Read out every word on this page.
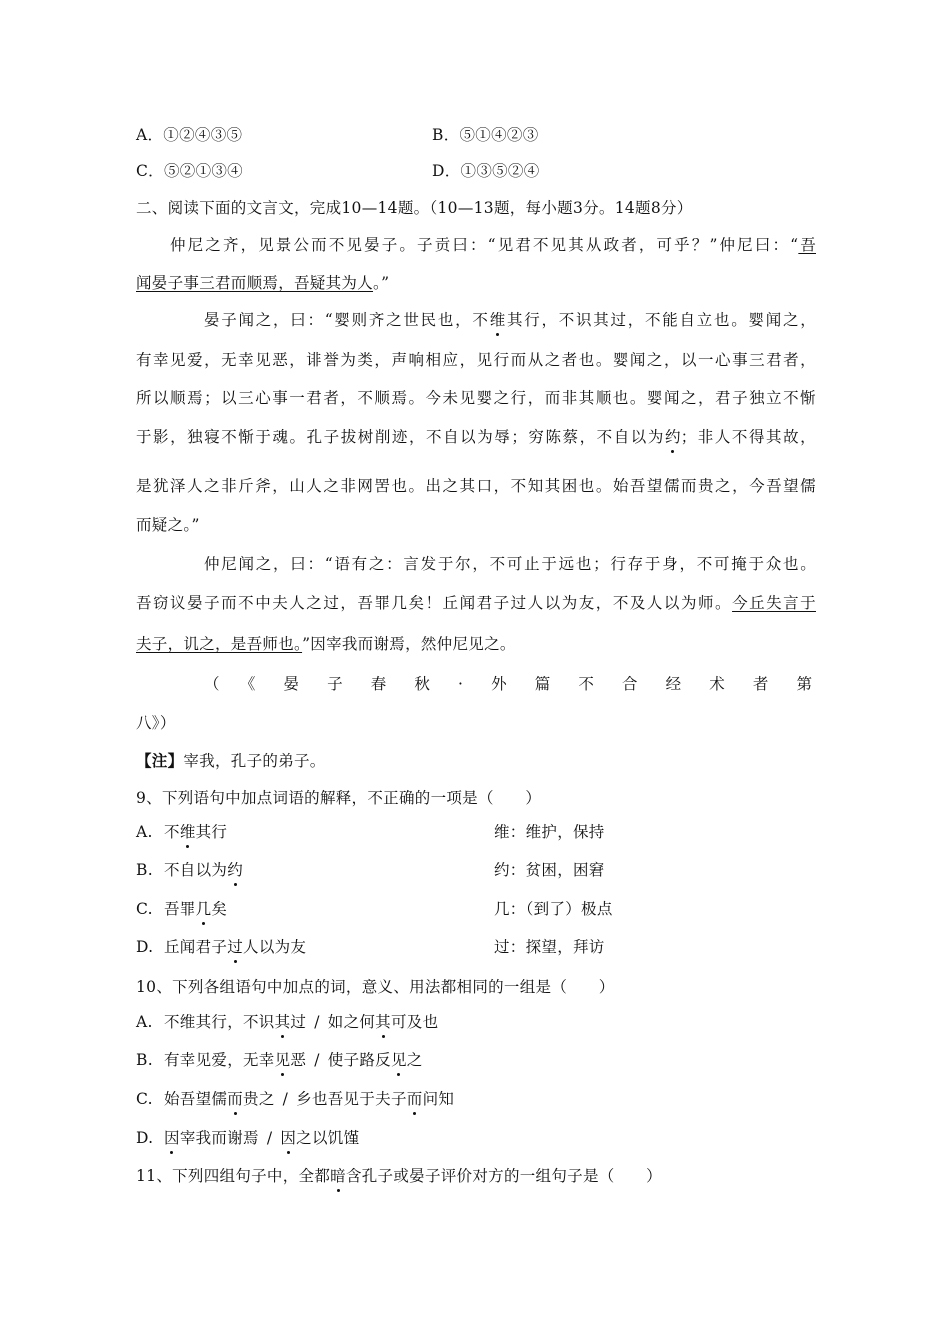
A．①②④③⑤	B．⑤①④②③
C．⑤②①③④	D．①③⑤②④
二、阅读下面的文言文，完成10—14题。（10—13题，每小题3分。14题8分）
仲尼之齐，见景公而不见晏子。子贡曰：“见君不见其从政者，可乎？”仲尼曰：“吾
闻晏子事三君而顺焉，吾疑其为人。”
晏子闻之，曰：“婴则齐之世民也，不维其行，不识其过，不能自立也。婴闻之，
有幸见爱，无幸见恶，诽誉为类，声响相应，见行而从之者也。婴闻之，以一心事三君者，
所以顺焉；以三心事一君者，不顺焉。今未见婴之行，而非其顺也。婴闻之，君子独立不惭
于影，独寝不惭于魂。孔子拔树削迹，不自以为辱；穷陈蔡，不自以为约；非人不得其故，
是犹泽人之非斤斧，山人之非网罟也。出之其口，不知其困也。始吾望儒而贵之，今吾望儒
而疑之。”
仲尼闻之，曰：“语有之：言发于尔，不可止于远也；行存于身，不可掩于众也。
吾窃议晏子而不中夫人之过，吾罪几矣！丘闻君子过人以为友，不及人以为师。今丘失言于
夫子，讥之，是吾师也。”因宰我而谢焉，然仲尼见之。
（《晏子春秋·外篇不合经术者第
八》）
【注】宰我，孔子的弟子。
9、下列语句中加点词语的解释，不正确的一项是（　　）
A. 不维其行	维：维护，保持
B. 不自以为约	约：贫困，困窘
C. 吾罪几矣	几：（到了）极点
D. 丘闻君子过人以为友	过：探望，拜访
10、下列各组语句中加点的词，意义、用法都相同的一组是（　　）
A. 不维其行，不识其过 / 如之何其可及也
B. 有幸见爱，无幸见恶 / 使子路反见之
C. 始吾望儒而贵之 / 乡也吾见于夫子而问知
D. 因宰我而谢焉 / 因之以饥馑
11、下列四组句子中，全都暗含孔子或晏子评价对方的一组句子是（　　）
